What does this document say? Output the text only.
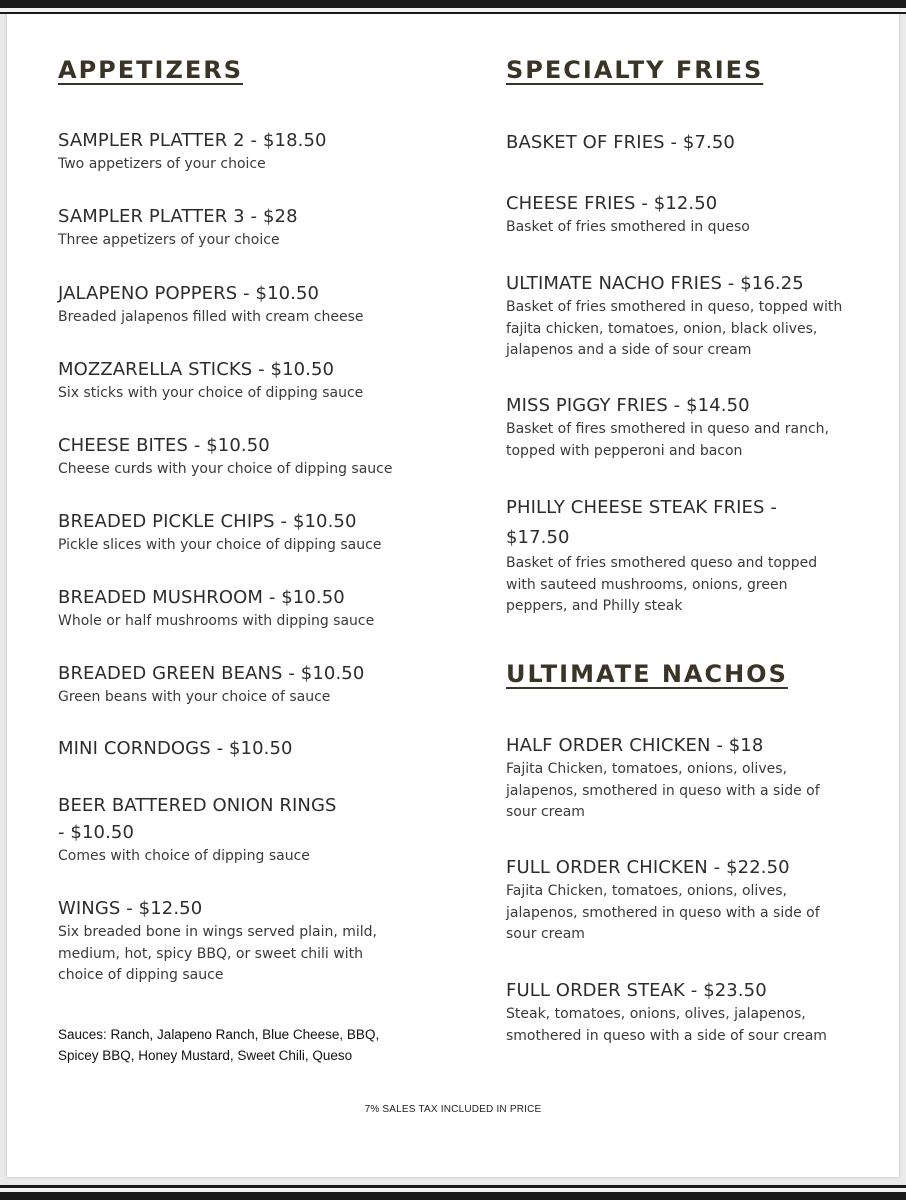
APPETIZERS
SAMPLER PLATTER 2 - $18.50
Two appetizers of your choice
SAMPLER PLATTER 3 - $28
Three appetizers of your choice
JALAPENO POPPERS - $10.50
Breaded jalapenos filled with cream cheese
MOZZARELLA STICKS - $10.50
Six sticks with your choice of dipping sauce
CHEESE BITES - $10.50
Cheese curds with your choice of dipping sauce
BREADED PICKLE CHIPS - $10.50
Pickle slices with your choice of dipping sauce
BREADED MUSHROOM - $10.50
Whole or half mushrooms with dipping sauce
BREADED GREEN BEANS - $10.50
Green beans with your choice of sauce
MINI CORNDOGS - $10.50
BEER BATTERED ONION RINGS
- $10.50
Comes with choice of dipping sauce
WINGS - $12.50
Six breaded bone in wings served plain, mild, medium, hot, spicy BBQ, or sweet chili with choice of dipping sauce
Sauces: Ranch, Jalapeno Ranch, Blue Cheese, BBQ, Spicey BBQ, Honey Mustard, Sweet Chili, Queso
SPECIALTY FRIES
BASKET OF FRIES - $7.50
CHEESE FRIES - $12.50
Basket of fries smothered in queso
ULTIMATE NACHO FRIES - $16.25
Basket of fries smothered in queso, topped with fajita chicken, tomatoes, onion, black olives, jalapenos and a side of sour cream
MISS PIGGY FRIES - $14.50
Basket of fires smothered in queso and ranch, topped with pepperoni and bacon
PHILLY CHEESE STEAK FRIES -
$17.50
Basket of fries smothered queso and topped with sauteed mushrooms, onions, green peppers, and Philly steak
ULTIMATE NACHOS
HALF ORDER CHICKEN - $18
Fajita Chicken, tomatoes, onions, olives, jalapenos, smothered in queso with a side of sour cream
FULL ORDER CHICKEN - $22.50
Fajita Chicken, tomatoes, onions, olives, jalapenos, smothered in queso with a side of sour cream
FULL ORDER STEAK - $23.50
Steak, tomatoes, onions, olives, jalapenos, smothered in queso with a side of sour cream
7% SALES TAX INCLUDED IN PRICE
